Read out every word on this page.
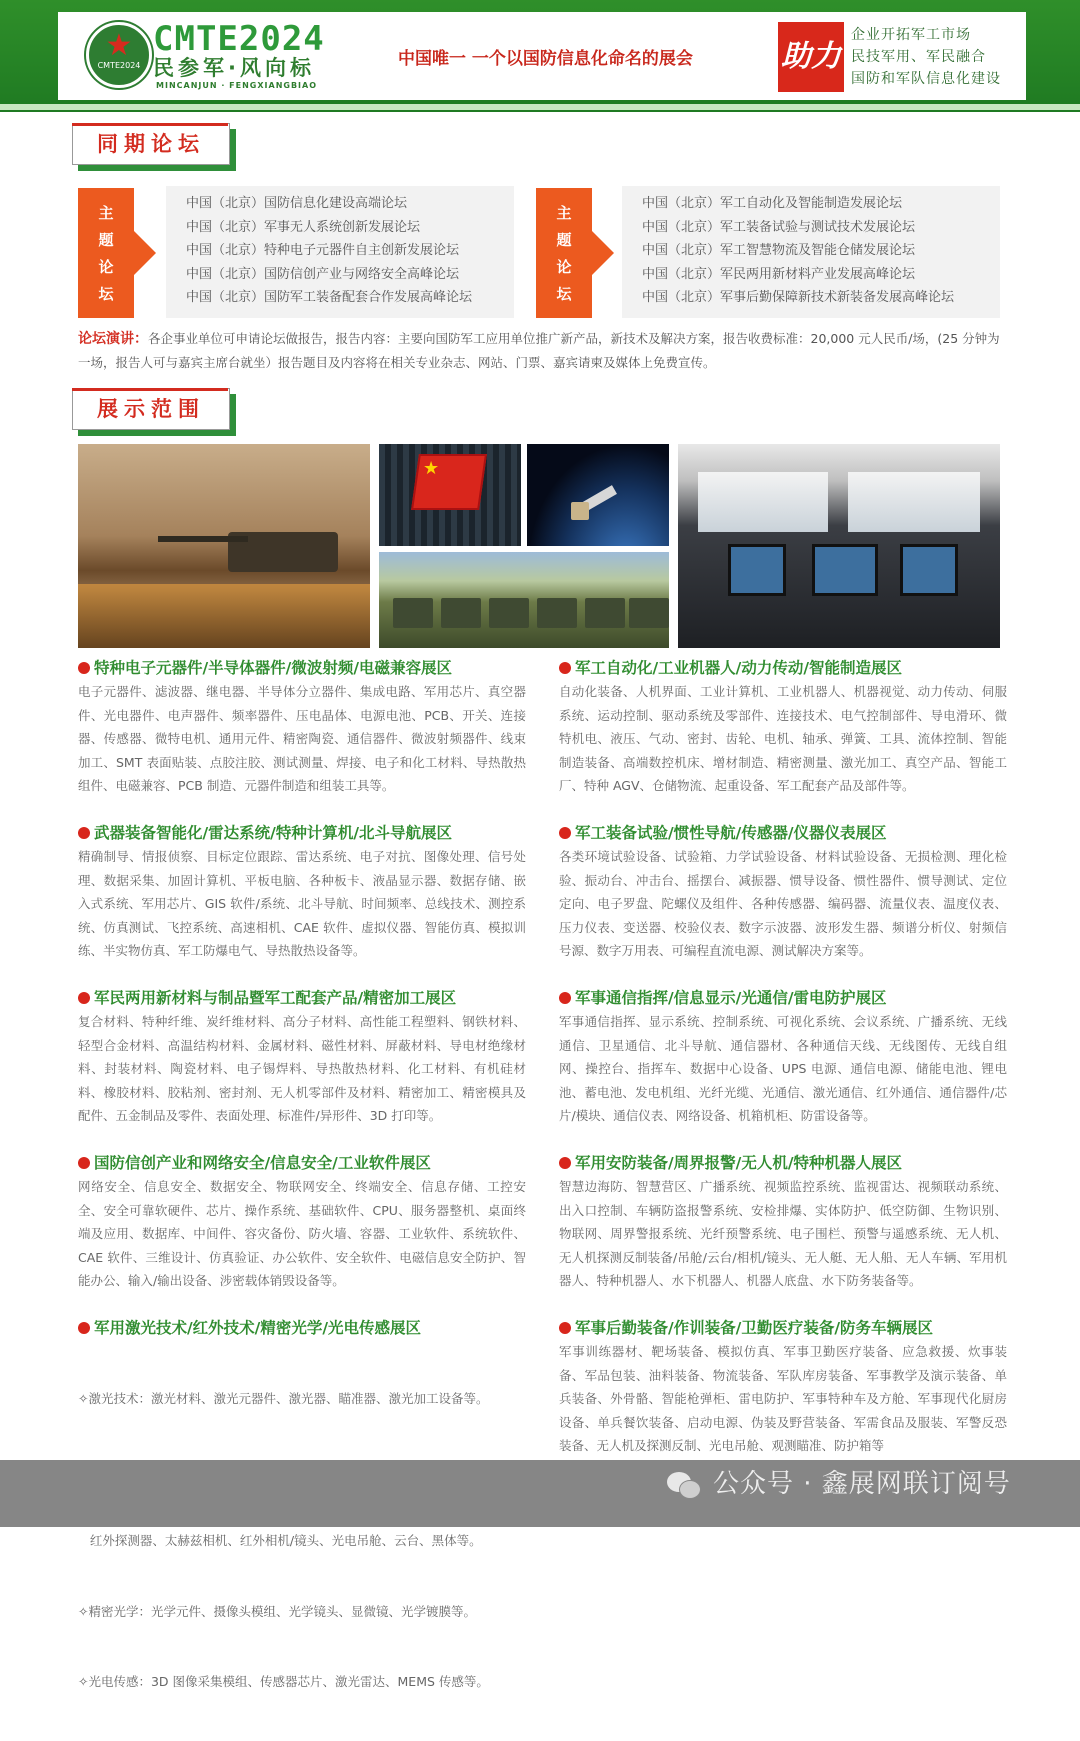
★
CMTE2024
CMTE2024
民参军·风向标
MINCANJUN · FENGXIANGBIAO
中国唯一 一个以国防信息化命名的展会	助力
企业开拓军工市场
民技军用、军民融合
国防和军队信息化建设
同期论坛
主
题
论
坛
中国（北京）国防信息化建设高端论坛
中国（北京）军事无人系统创新发展论坛
中国（北京）特种电子元器件自主创新发展论坛
中国（北京）国防信创产业与网络安全高峰论坛
中国（北京）国防军工装备配套合作发展高峰论坛
主
题
论
坛
中国（北京）军工自动化及智能制造发展论坛
中国（北京）军工装备试验与测试技术发展论坛
中国（北京）军工智慧物流及智能仓储发展论坛
中国（北京）军民两用新材料产业发展高峰论坛
中国（北京）军事后勤保障新技术新装备发展高峰论坛
论坛演讲：各企事业单位可申请论坛做报告，报告内容：主要向国防军工应用单位推广新产品，新技术及解决方案，报告收费标准：20,000 元人民币/场，(25 分钟为一场，报告人可与嘉宾主席台就坐）报告题目及内容将在相关专业杂志、网站、门票、嘉宾请柬及媒体上免费宣传。
展示范围
★
特种电子元器件/半导体器件/微波射频/电磁兼容展区
电子元器件、滤波器、继电器、半导体分立器件、集成电路、军用芯片、真空器件、光电器件、电声器件、频率器件、压电晶体、电源电池、PCB、开关、连接器、传感器、微特电机、通用元件、精密陶瓷、通信器件、微波射频器件、线束加工、SMT 表面贴装、点胶注胶、测试测量、焊接、电子和化工材料、导热散热组件、电磁兼容、PCB 制造、元器件制造和组装工具等。
武器装备智能化/雷达系统/特种计算机/北斗导航展区
精确制导、情报侦察、目标定位跟踪、雷达系统、电子对抗、图像处理、信号处理、数据采集、加固计算机、平板电脑、各种板卡、液晶显示器、数据存储、嵌入式系统、军用芯片、GIS 软件/系统、北斗导航、时间频率、总线技术、测控系统、仿真测试、飞控系统、高速相机、CAE 软件、虚拟仪器、智能仿真、模拟训练、半实物仿真、军工防爆电气、导热散热设备等。
军民两用新材料与制品暨军工配套产品/精密加工展区
复合材料、特种纤维、炭纤维材料、高分子材料、高性能工程塑料、钢铁材料、轻型合金材料、高温结构材料、金属材料、磁性材料、屏蔽材料、导电材绝缘材料、封装材料、陶瓷材料、电子锡焊料、导热散热材料、化工材料、有机硅材料、橡胶材料、胶粘剂、密封剂、无人机零部件及材料、精密加工、精密模具及配件、五金制品及零件、表面处理、标准件/异形件、3D 打印等。
国防信创产业和网络安全/信息安全/工业软件展区
网络安全、信息安全、数据安全、物联网安全、终端安全、信息存储、工控安全、安全可靠软硬件、芯片、操作系统、基础软件、CPU、服务器整机、桌面终端及应用、数据库、中间件、容灾备份、防火墙、容器、工业软件、系统软件、CAE 软件、三维设计、仿真验证、办公软件、安全软件、电磁信息安全防护、智能办公、输入/输出设备、涉密载体销毁设备等。
军用激光技术/红外技术/精密光学/光电传感展区

✧激光技术：激光材料、激光元器件、激光器、瞄准器、激光加工设备等。

红外探测器、太赫兹相机、红外相机/镜头、光电吊舱、云台、黑体等。

✧精密光学：光学元件、摄像头模组、光学镜头、显微镜、光学镀膜等。

✧光电传感：3D 图像采集模组、传感器芯片、激光雷达、MEMS 传感等。

军工自动化/工业机器人/动力传动/智能制造展区
自动化装备、人机界面、工业计算机、工业机器人、机器视觉、动力传动、伺服系统、运动控制、驱动系统及零部件、连接技术、电气控制部件、导电滑环、微特机电、液压、气动、密封、齿轮、电机、轴承、弹簧、工具、流体控制、智能制造装备、高端数控机床、增材制造、精密测量、激光加工、真空产品、智能工厂、特种 AGV、仓储物流、起重设备、军工配套产品及部件等。
军工装备试验/惯性导航/传感器/仪器仪表展区
各类环境试验设备、试验箱、力学试验设备、材料试验设备、无损检测、理化检验、振动台、冲击台、摇摆台、减振器、惯导设备、惯性器件、惯导测试、定位定向、电子罗盘、陀螺仪及组件、各种传感器、编码器、流量仪表、温度仪表、压力仪表、变送器、校验仪表、数字示波器、波形发生器、频谱分析仪、射频信号源、数字万用表、可编程直流电源、测试解决方案等。
军事通信指挥/信息显示/光通信/雷电防护展区
军事通信指挥、显示系统、控制系统、可视化系统、会议系统、广播系统、无线通信、卫星通信、北斗导航、通信器材、各种通信天线、无线图传、无线自组网、操控台、指挥车、数据中心设备、UPS 电源、通信电源、储能电池、锂电池、蓄电池、发电机组、光纤光缆、光通信、激光通信、红外通信、通信器件/芯片/模块、通信仪表、网络设备、机箱机柜、防雷设备等。
军用安防装备/周界报警/无人机/特种机器人展区
智慧边海防、智慧营区、广播系统、视频监控系统、监视雷达、视频联动系统、出入口控制、车辆防盗报警系统、安检排爆、实体防护、低空防御、生物识别、物联网、周界警报系统、光纤预警系统、电子围栏、预警与遥感系统、无人机、无人机探测反制装备/吊舱/云台/相机/镜头、无人艇、无人船、无人车辆、军用机器人、特种机器人、水下机器人、机器人底盘、水下防务装备等。
军事后勤装备/作训装备/卫勤医疗装备/防务车辆展区
军事训练器材、靶场装备、模拟仿真、军事卫勤医疗装备、应急救援、炊事装备、军品包装、油料装备、物流装备、军队库房装备、军事教学及演示装备、单兵装备、外骨骼、智能枪弹柜、雷电防护、军事特种车及方舱、军事现代化厨房设备、单兵餐饮装备、启动电源、伪装及野营装备、军需食品及服装、军警反恐装备、无人机及探测反制、光电吊舱、观测瞄准、防护箱等
公众号 · 鑫展网联订阅号
